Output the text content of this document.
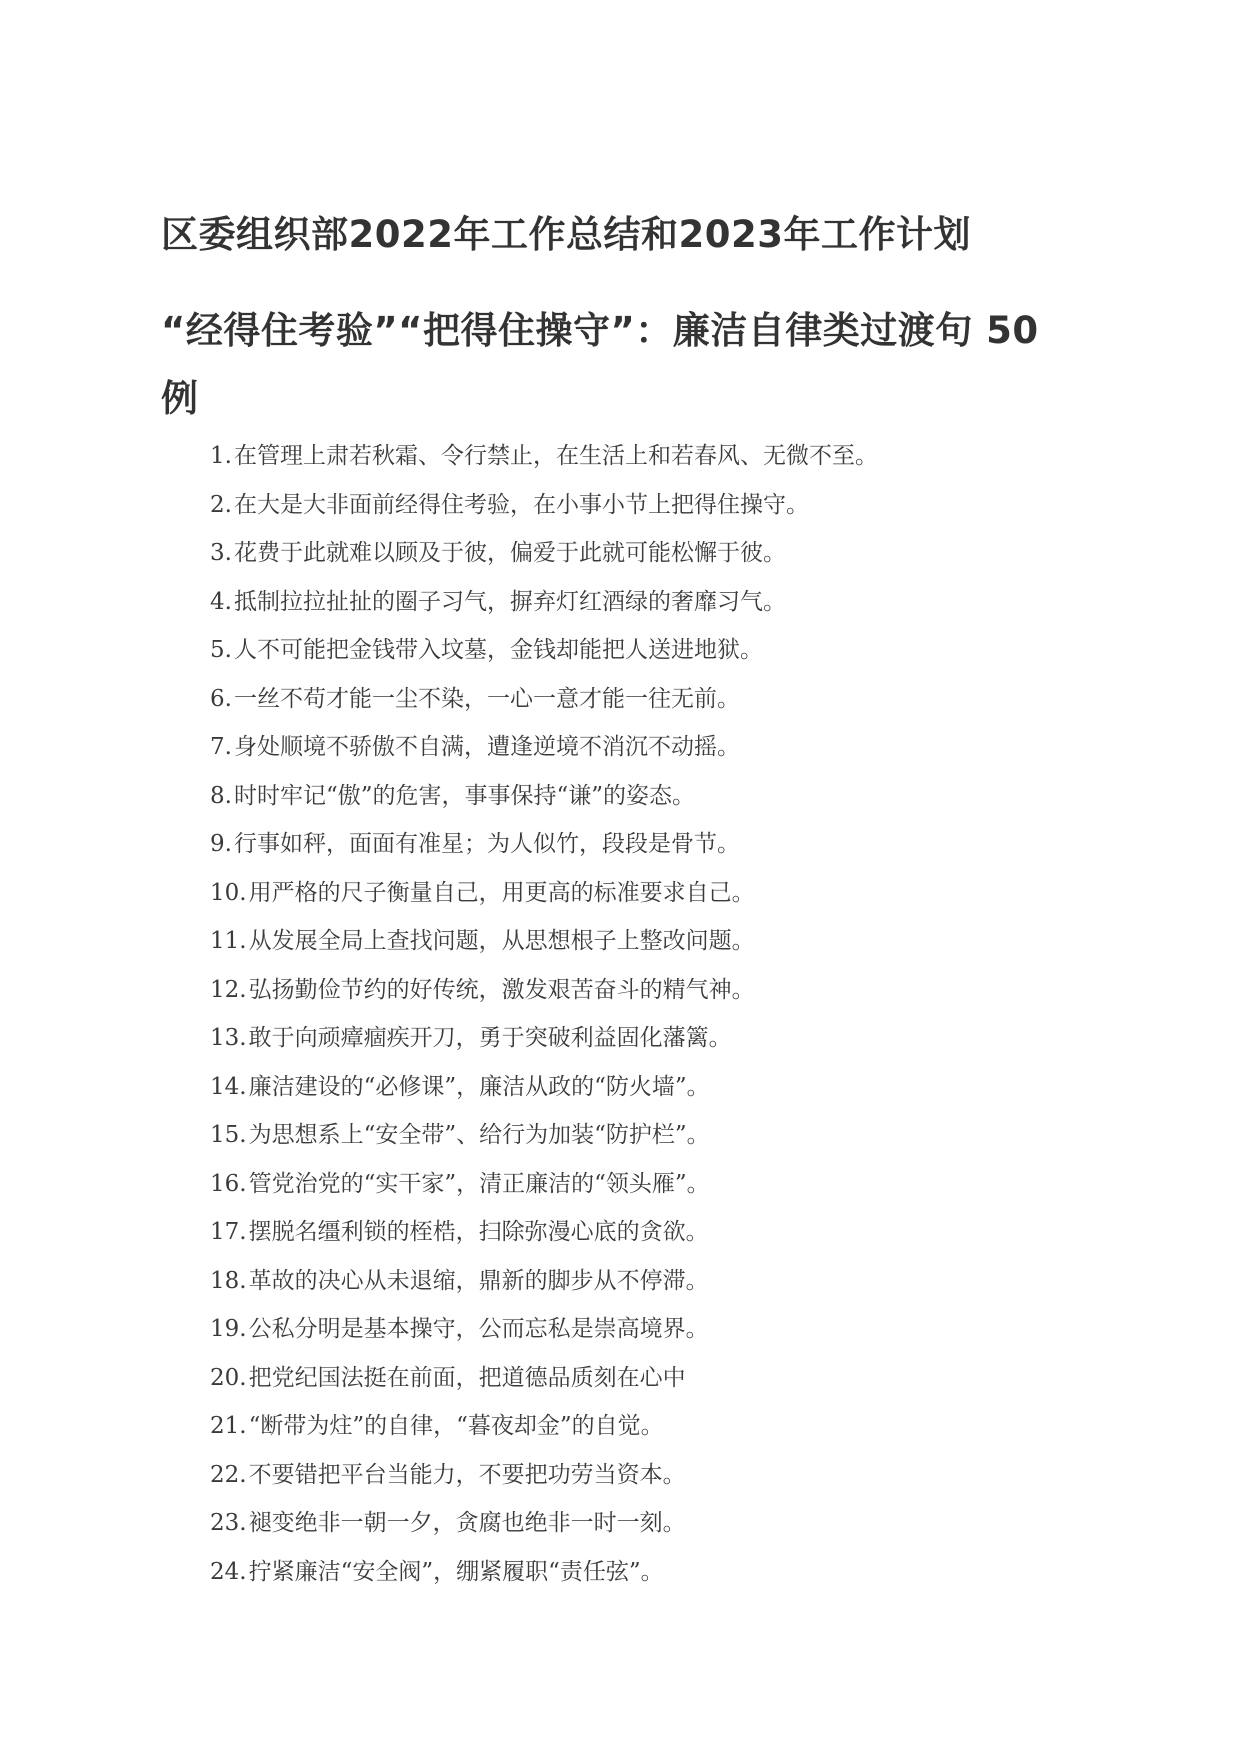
区委组织部2022年工作总结和2023年工作计划
“经得住考验”“把得住操守”：廉洁自律类过渡句 50
例
1.在管理上肃若秋霜、令行禁止，在生活上和若春风、无微不至。
2.在大是大非面前经得住考验，在小事小节上把得住操守。
3.花费于此就难以顾及于彼，偏爱于此就可能松懈于彼。
4.抵制拉拉扯扯的圈子习气，摒弃灯红酒绿的奢靡习气。
5.人不可能把金钱带入坟墓，金钱却能把人送进地狱。
6.一丝不苟才能一尘不染，一心一意才能一往无前。
7.身处顺境不骄傲不自满，遭逢逆境不消沉不动摇。
8.时时牢记“傲”的危害，事事保持“谦”的姿态。
9.行事如秤，面面有准星；为人似竹，段段是骨节。
10.用严格的尺子衡量自己，用更高的标准要求自己。
11.从发展全局上查找问题，从思想根子上整改问题。
12.弘扬勤俭节约的好传统，激发艰苦奋斗的精气神。
13.敢于向顽瘴痼疾开刀，勇于突破利益固化藩篱。
14.廉洁建设的“必修课”，廉洁从政的“防火墙”。
15.为思想系上“安全带”、给行为加装“防护栏”。
16.管党治党的“实干家”，清正廉洁的“领头雁”。
17.摆脱名缰利锁的桎梏，扫除弥漫心底的贪欲。
18.革故的决心从未退缩，鼎新的脚步从不停滞。
19.公私分明是基本操守，公而忘私是崇高境界。
20.把党纪国法挺在前面，把道德品质刻在心中
21.“断带为炷”的自律，“暮夜却金”的自觉。
22.不要错把平台当能力，不要把功劳当资本。
23.褪变绝非一朝一夕，贪腐也绝非一时一刻。
24.拧紧廉洁“安全阀”，绷紧履职“责任弦”。
